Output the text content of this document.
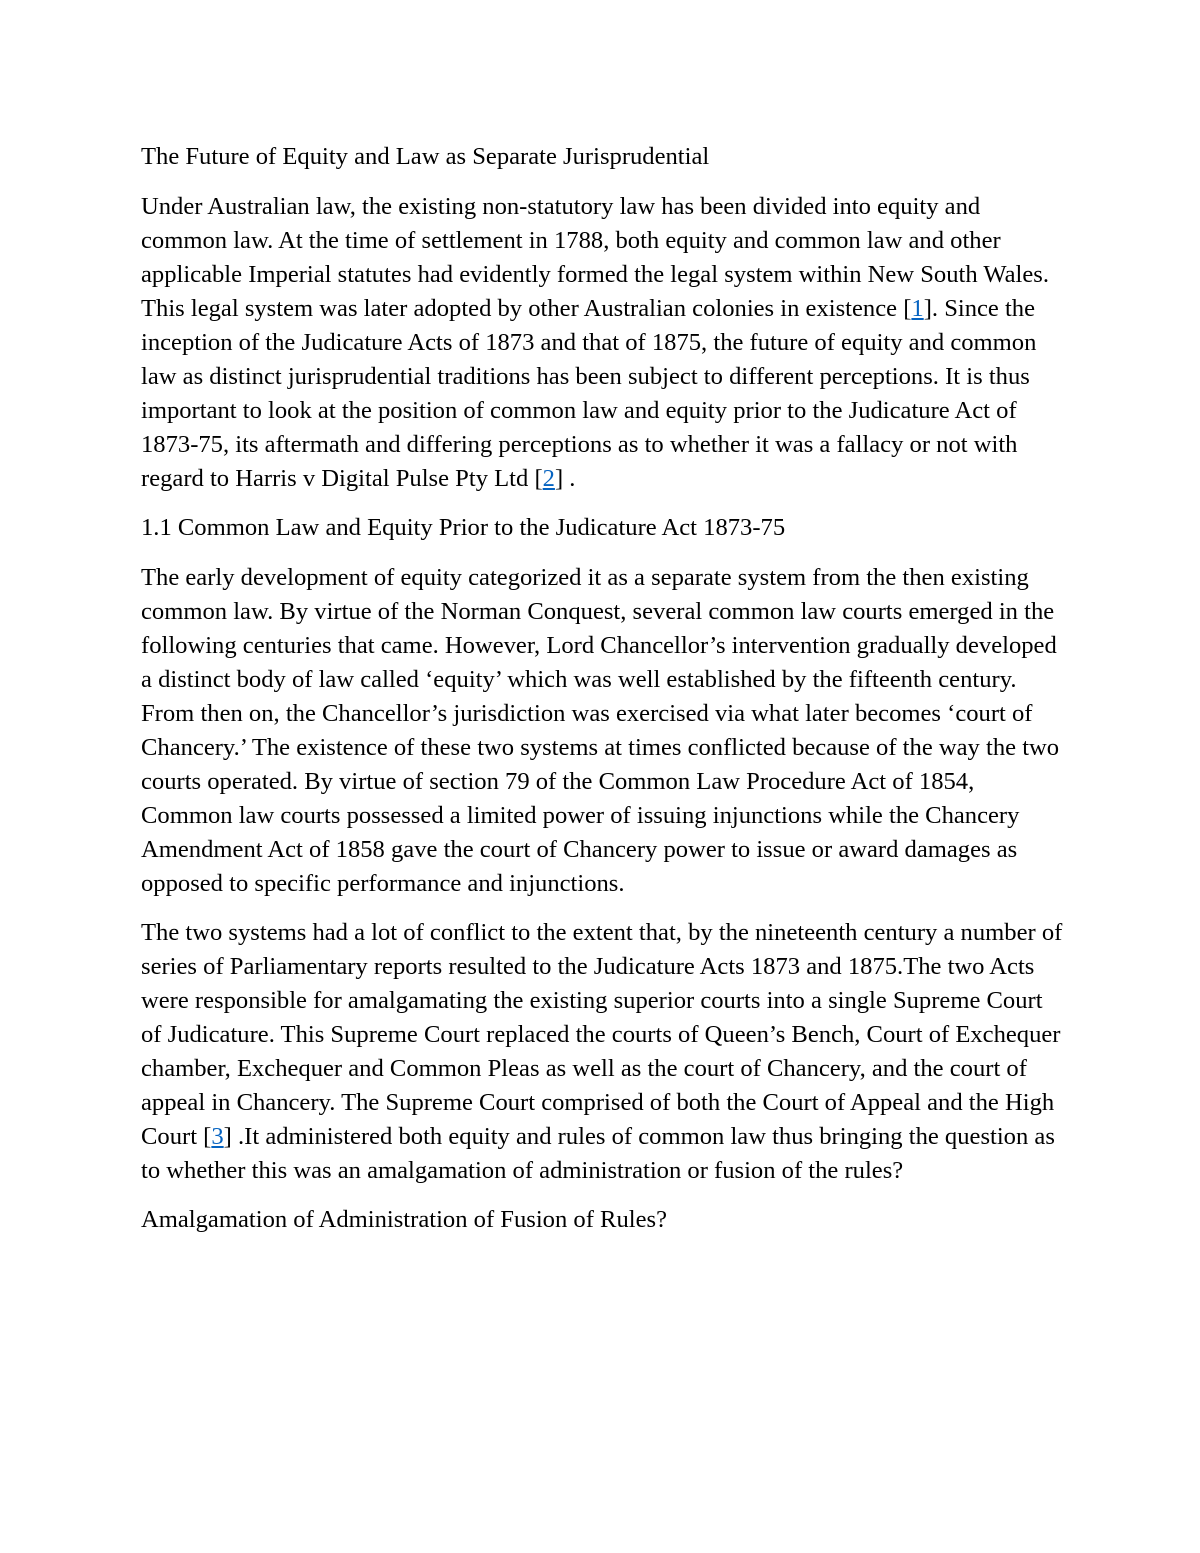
The Future of Equity and Law as Separate Jurisprudential

Under Australian law, the existing non-statutory law has been divided into equity and common law. At the time of settlement in 1788, both equity and common law and other applicable Imperial statutes had evidently formed the legal system within New South Wales. This legal system was later adopted by other Australian colonies in existence [1]. Since the inception of the Judicature Acts of 1873 and that of 1875, the future of equity and common law as distinct jurisprudential traditions has been subject to different perceptions. It is thus important to look at the position of common law and equity prior to the Judicature Act of 1873-75, its aftermath and differing perceptions as to whether it was a fallacy or not with regard to Harris v Digital Pulse Pty Ltd [2] .

1.1 Common Law and Equity Prior to the Judicature Act 1873-75

The early development of equity categorized it as a separate system from the then existing common law. By virtue of the Norman Conquest, several common law courts emerged in the following centuries that came. However, Lord Chancellor’s intervention gradually developed a distinct body of law called ‘equity’ which was well established by the fifteenth century. From then on, the Chancellor’s jurisdiction was exercised via what later becomes ‘court of Chancery.’ The existence of these two systems at times conflicted because of the way the two courts operated. By virtue of section 79 of the Common Law Procedure Act of 1854, Common law courts possessed a limited power of issuing injunctions while the Chancery Amendment Act of 1858 gave the court of Chancery power to issue or award damages as opposed to specific performance and injunctions.

The two systems had a lot of conflict to the extent that, by the nineteenth century a number of series of Parliamentary reports resulted to the Judicature Acts 1873 and 1875.The two Acts were responsible for amalgamating the existing superior courts into a single Supreme Court of Judicature. This Supreme Court replaced the courts of Queen’s Bench, Court of Exchequer chamber, Exchequer and Common Pleas as well as the court of Chancery, and the court of appeal in Chancery. The Supreme Court comprised of both the Court of Appeal and the High Court [3] .It administered both equity and rules of common law thus bringing the question as to whether this was an amalgamation of administration or fusion of the rules?

Amalgamation of Administration of Fusion of Rules?
